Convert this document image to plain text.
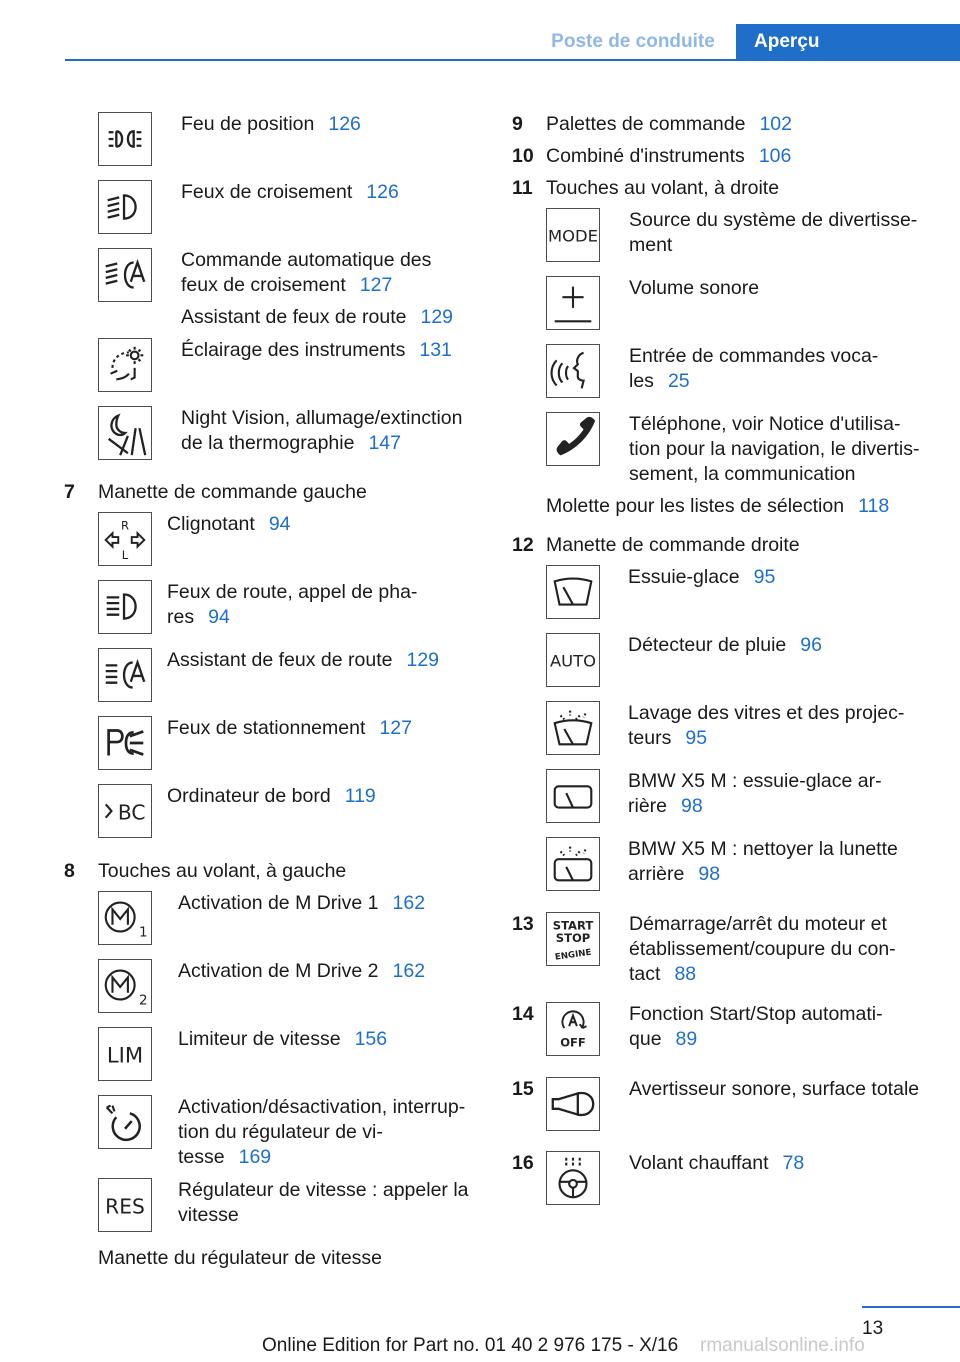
Poste de conduite	Aperçu
Feu de position 126
Feux de croisement 126
Commande automatique des
feux de croisement 127
Assistant de feux de route 129
Éclairage des instruments 131
Night Vision, allumage/extinction
de la thermographie 147
7 Manette de commande gauche
R
L
Clignotant 94
Feux de route, appel de pha-
res 94
Assistant de feux de route 129
Feux de stationnement 127
BC
Ordinateur de bord 119
8 Touches au volant, à gauche
1
Activation de M Drive 1 162
2
Activation de M Drive 2 162
LIM
Limiteur de vitesse 156
Activation/désactivation, interrup-
tion du régulateur de vi-
tesse 169
RES
Régulateur de vitesse : appeler la
vitesse
Manette du régulateur de vitesse
9 Palettes de commande 102
10 Combiné d'instruments 106
11 Touches au volant, à droite
MODE
Source du système de divertisse-
ment
Volume sonore
Entrée de commandes voca-
les 25
Téléphone, voir Notice d'utilisa-
tion pour la navigation, le divertis-
sement, la communication
Molette pour les listes de sélection 118
12 Manette de commande droite
Essuie-glace 95
AUTO
Détecteur de pluie 96
Lavage des vitres et des projec-
teurs 95
BMW X5 M : essuie-glace ar-
rière 98
BMW X5 M : nettoyer la lunette
arrière 98
13 START
STOP
ENGINE
Démarrage/arrêt du moteur et
établissement/coupure du con-
tact 88
14
OFF
Fonction Start/Stop automati-
que 89
15	Avertisseur sonore, surface totale
16	Volant chauffant 78
13
Online Edition for Part no. 01 40 2 976 175 - X/16 rmanualsonline.info
